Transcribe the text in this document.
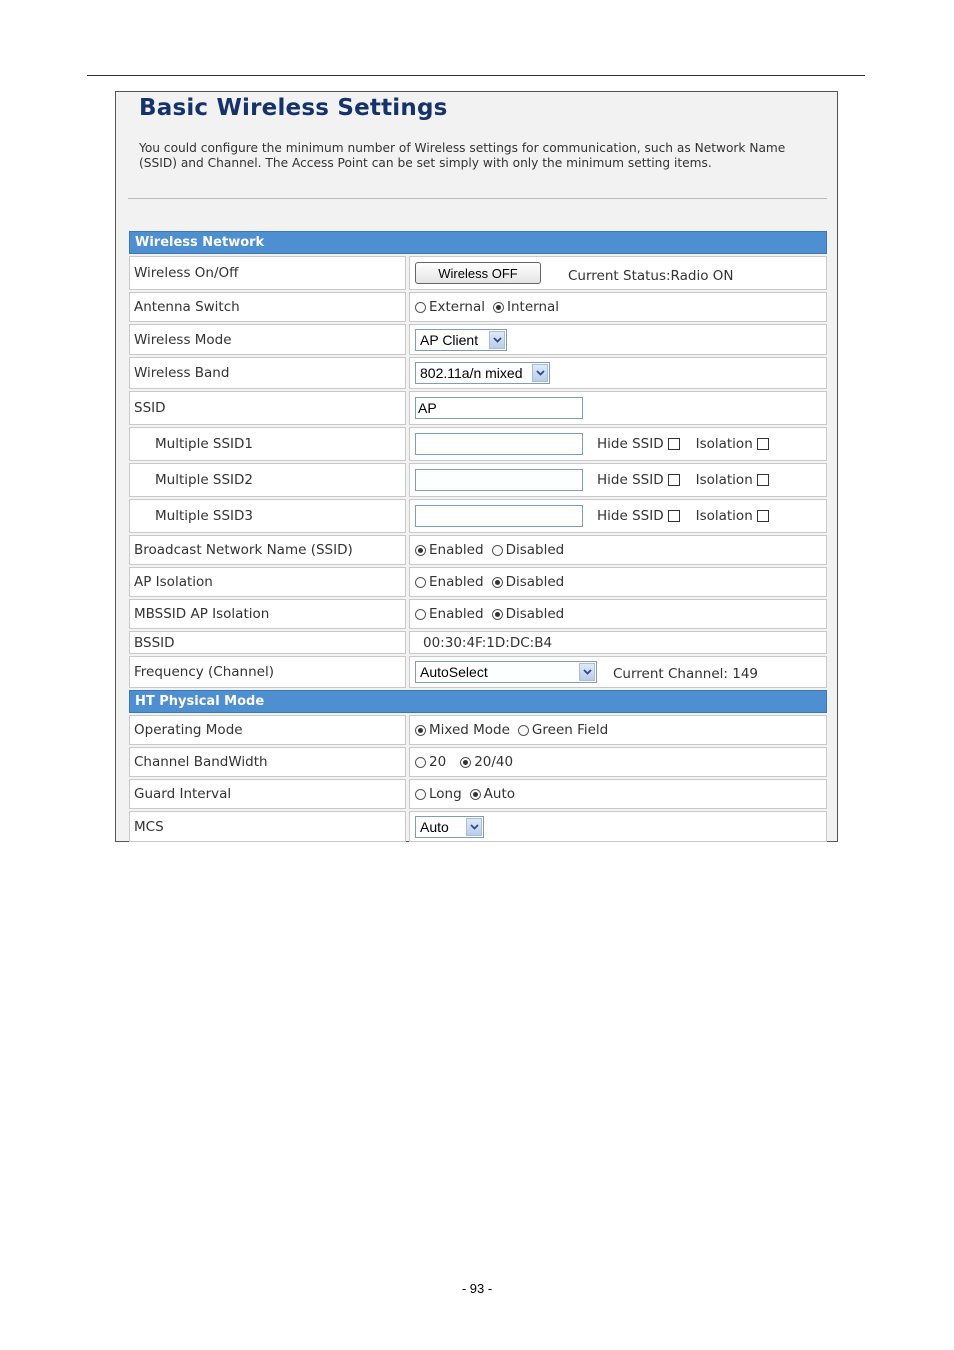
Basic Wireless Settings
You could configure the minimum number of Wireless settings for communication, such as Network Name (SSID) and Channel. The Access Point can be set simply with only the minimum setting items.
Wireless Network
Wireless On/Off	Wireless OFF	Current Status:Radio ON
Antenna Switch	External Internal
Wireless Mode	AP Client
Wireless Band	802.11a/n mixed
SSID	AP
Multiple SSID1	Hide SSID Isolation
Multiple SSID2	Hide SSID Isolation
Multiple SSID3	Hide SSID Isolation
Broadcast Network Name (SSID)	Enabled Disabled
AP Isolation	Enabled Disabled
MBSSID AP Isolation	Enabled Disabled
BSSID	00:30:4F:1D:DC:B4
Frequency (Channel)	AutoSelect	Current Channel: 149
HT Physical Mode
Operating Mode	Mixed Mode Green Field
Channel BandWidth	20 20/40
Guard Interval	Long Auto
MCS	Auto
- 93 -
